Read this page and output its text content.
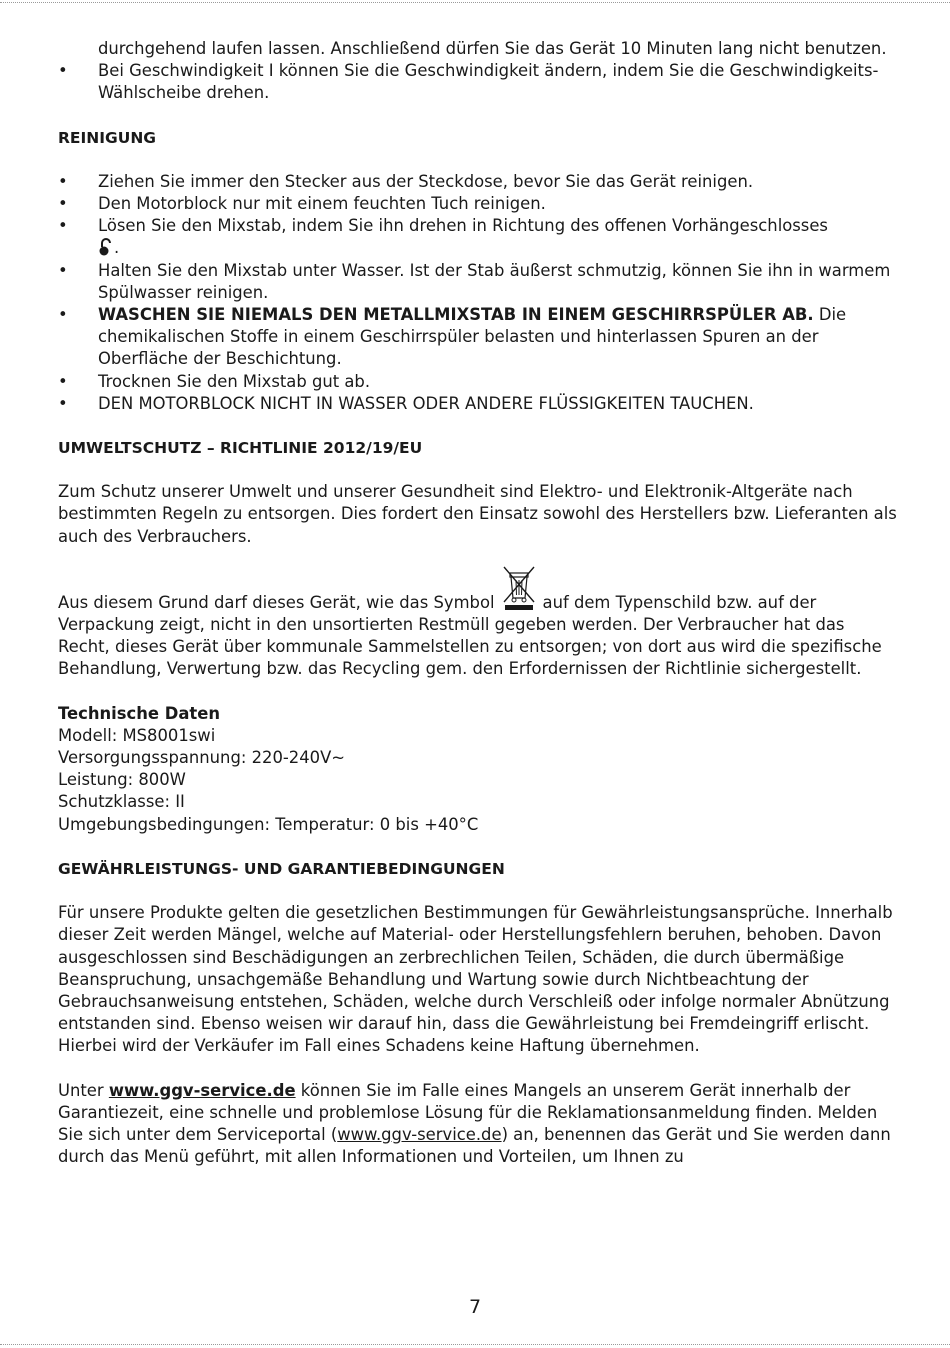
durchgehend laufen lassen. Anschließend dürfen Sie das Gerät 10 Minuten lang nicht benutzen.
•	Bei Geschwindigkeit I können Sie die Geschwindigkeit ändern, indem Sie die Geschwindigkeits-Wählscheibe drehen.
REINIGUNG
•	Ziehen Sie immer den Stecker aus der Steckdose, bevor Sie das Gerät reinigen.
•	Den Motorblock nur mit einem feuchten Tuch reinigen.
•	Lösen Sie den Mixstab, indem Sie ihn drehen in Richtung des offenen Vorhängeschlosses
.
•	Halten Sie den Mixstab unter Wasser. Ist der Stab äußerst schmutzig, können Sie ihn in warmem Spülwasser reinigen.
•	WASCHEN SIE NIEMALS DEN METALLMIXSTAB IN EINEM GESCHIRRSPÜLER AB. Die chemikalischen Stoffe in einem Geschirrspüler belasten und hinterlassen Spuren an der Oberfläche der Beschichtung.
•	Trocknen Sie den Mixstab gut ab.
•	DEN MOTORBLOCK NICHT IN WASSER ODER ANDERE FLÜSSIGKEITEN TAUCHEN.
UMWELTSCHUTZ – RICHTLINIE 2012/19/EU
Zum Schutz unserer Umwelt und unserer Gesundheit sind Elektro- und Elektronik-Altgeräte nach bestimmten Regeln zu entsorgen. Dies fordert den Einsatz sowohl des Herstellers bzw. Lieferanten als auch des Verbrauchers.
Aus diesem Grund darf dieses Gerät, wie das Symbol	auf dem Typenschild bzw. auf der Verpackung zeigt, nicht in den unsortierten Restmüll gegeben werden. Der Verbraucher hat das Recht, dieses Gerät über kommunale Sammelstellen zu entsorgen; von dort aus wird die spezifische Behandlung, Verwertung bzw. das Recycling gem. den Erfordernissen der Richtlinie sichergestellt.
Technische Daten
Modell: MS8001swi
Versorgungsspannung: 220-240V~
Leistung: 800W
Schutzklasse: II
Umgebungsbedingungen: Temperatur: 0 bis +40°C
GEWÄHRLEISTUNGS- UND GARANTIEBEDINGUNGEN
Für unsere Produkte gelten die gesetzlichen Bestimmungen für Gewährleistungsansprüche. Innerhalb dieser Zeit werden Mängel, welche auf Material- oder Herstellungsfehlern beruhen, behoben. Davon ausgeschlossen sind Beschädigungen an zerbrechlichen Teilen, Schäden, die durch übermäßige Beanspruchung, unsachgemäße Behandlung und Wartung sowie durch Nichtbeachtung der Gebrauchsanweisung entstehen, Schäden, welche durch Verschleiß oder infolge normaler Abnützung entstanden sind. Ebenso weisen wir darauf hin, dass die Gewährleistung bei Fremdeingriff erlischt. Hierbei wird der Verkäufer im Fall eines Schadens keine Haftung übernehmen.
Unter www.ggv-service.de können Sie im Falle eines Mangels an unserem Gerät innerhalb der Garantiezeit, eine schnelle und problemlose Lösung für die Reklamationsanmeldung finden. Melden Sie sich unter dem Serviceportal (www.ggv-service.de) an, benennen das Gerät und Sie werden dann durch das Menü geführt, mit allen Informationen und Vorteilen, um Ihnen zu
7
